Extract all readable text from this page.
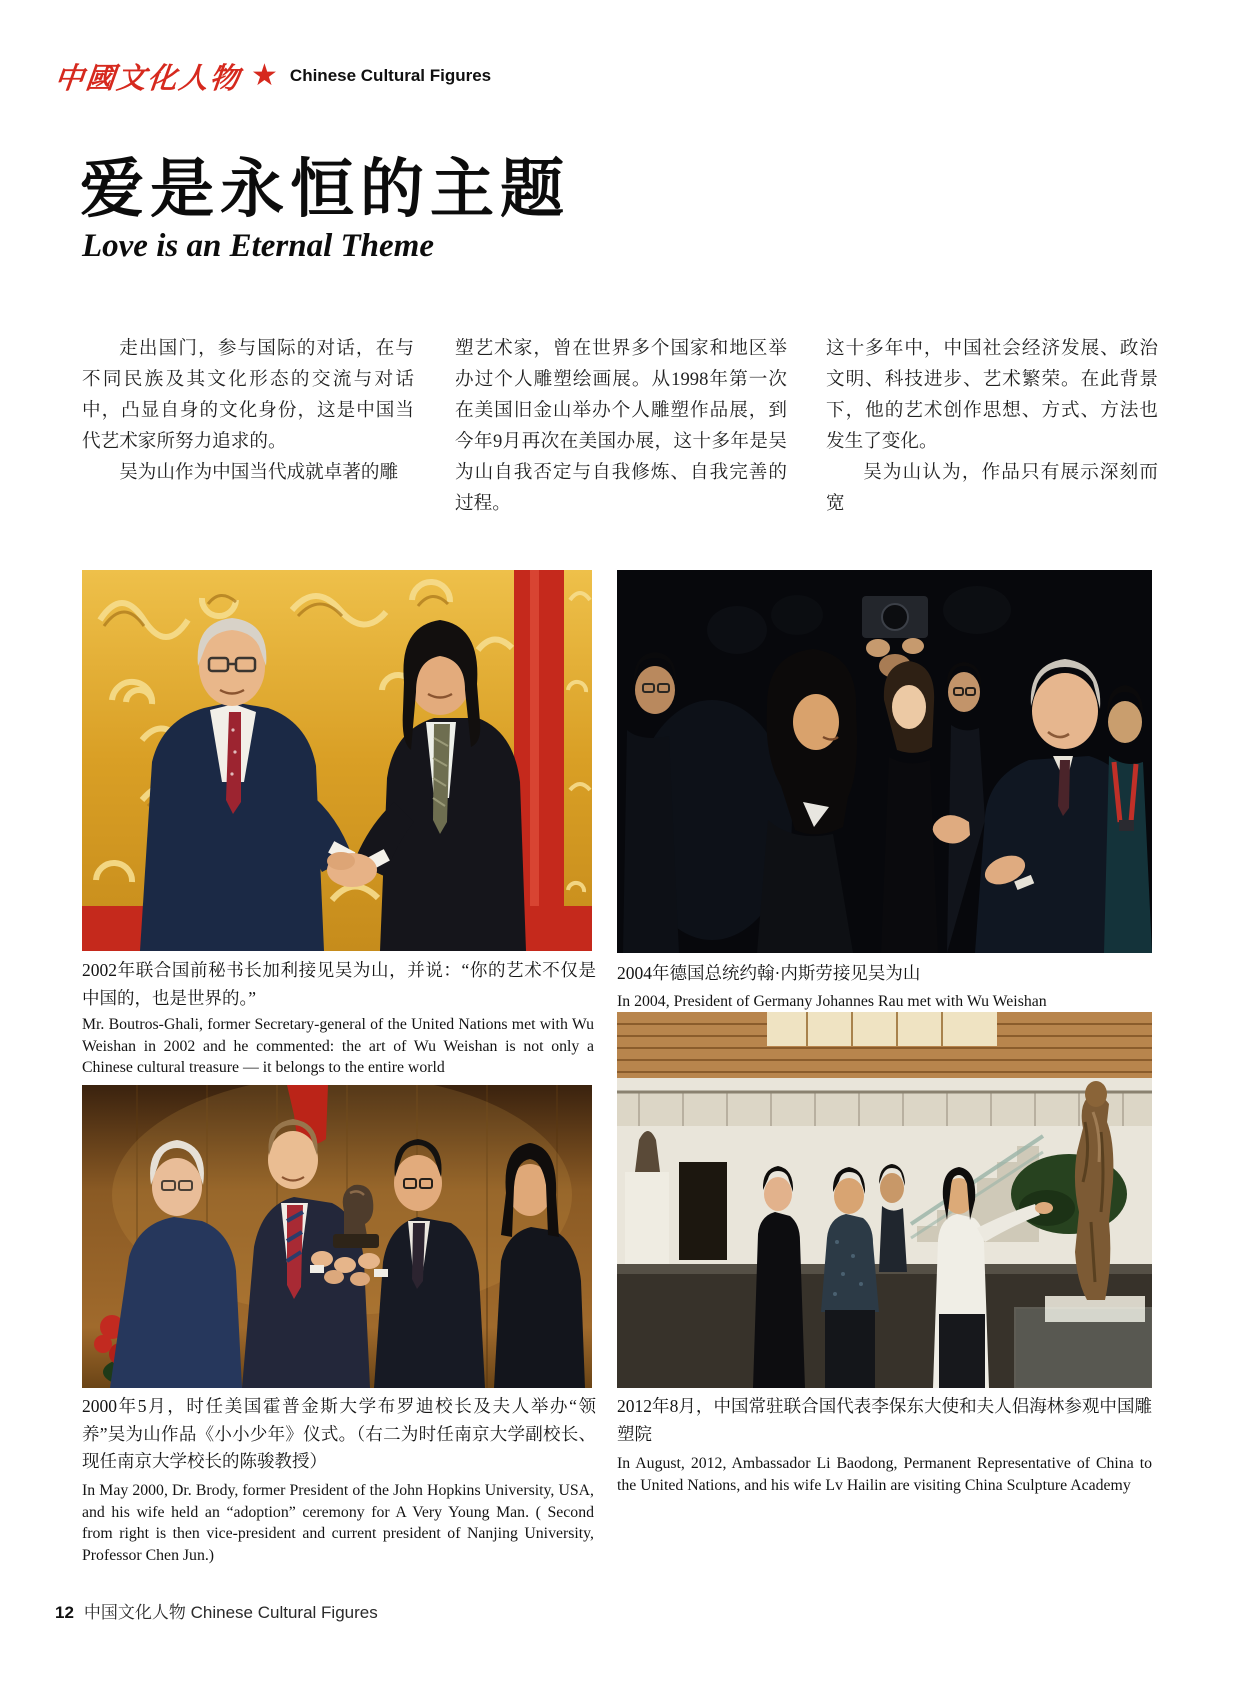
中國文化人物 ★ Chinese Cultural Figures
爱是永恒的主题
Love is an Eternal Theme

走出国门，参与国际的对话，在与不同民族及其文化形态的交流与对话中，凸显自身的文化身份，这是中国当代艺术家所努力追求的。

吴为山作为中国当代成就卓著的雕

塑艺术家，曾在世界多个国家和地区举办过个人雕塑绘画展。从1998年第一次在美国旧金山举办个人雕塑作品展，到今年9月再次在美国办展，这十多年是吴为山自我否定与自我修炼、自我完善的过程。

这十多年中，中国社会经济发展、政治文明、科技进步、艺术繁荣。在此背景下，他的艺术创作思想、方式、方法也发生了变化。

吴为山认为，作品只有展示深刻而宽

2002年联合国前秘书长加利接见吴为山，并说：“你的艺术不仅是中国的，也是世界的。”
Mr. Boutros-Ghali, former Secretary-general of the United Nations met with Wu Weishan in 2002 and he commented: the art of Wu Weishan is not only a Chinese cultural treasure — it belongs to the entire world
2004年德国总统约翰·内斯劳接见吴为山
In 2004, President of Germany Johannes Rau met with Wu Weishan
2000年5月，时任美国霍普金斯大学布罗迪校长及夫人举办“领养”吴为山作品《小小少年》仪式。（右二为时任南京大学副校长、现任南京大学校长的陈骏教授）
In May 2000, Dr. Brody, former President of the John Hopkins University, USA, and his wife held an “adoption” ceremony for A Very Young Man. ( Second from right is then vice-president and current president of Nanjing University, Professor Chen Jun.)
2012年8月，中国常驻联合国代表李保东大使和夫人侣海林参观中国雕塑院
In August, 2012, Ambassador Li Baodong, Permanent Representative of China to the United Nations, and his wife Lv Hailin are visiting China Sculpture Academy
12 中国文化人物 Chinese Cultural Figures
